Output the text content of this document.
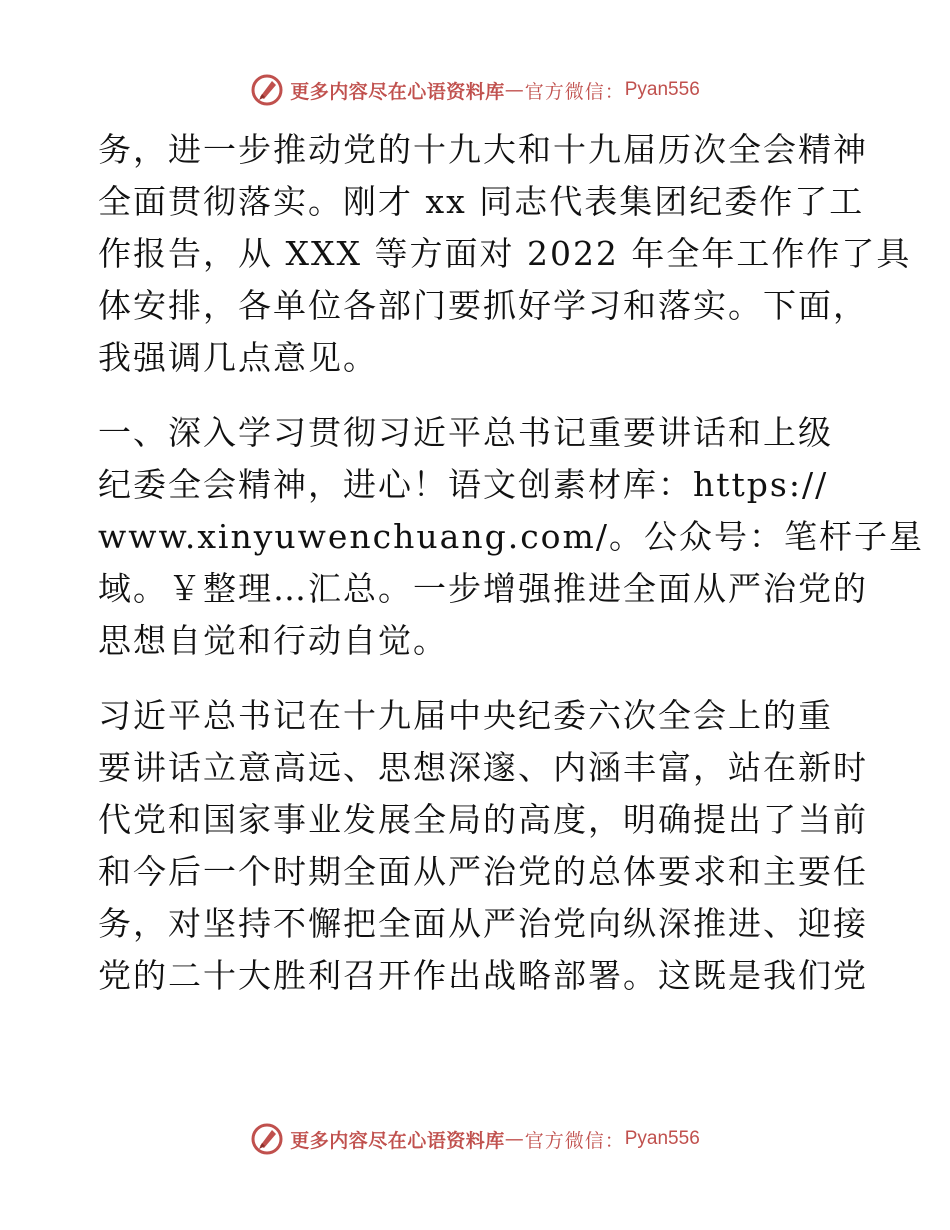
更多内容尽在心语资料库 — 官方微信： Pyan556

务，进一步推动党的十九大和十九届历次全会精神
全面贯彻落实。刚才 xx 同志代表集团纪委作了工
作报告，从 XXX 等方面对 2022 年全年工作作了具
体安排，各单位各部门要抓好学习和落实。下面，
我强调几点意见。

一、深入学习贯彻习近平总书记重要讲话和上级
纪委全会精神，进心！语文创素材库：https://
www.xinyuwenchuang.com/。公众号：笔杆子星
域。￥整理…汇总。一步增强推进全面从严治党的
思想自觉和行动自觉。

习近平总书记在十九届中央纪委六次全会上的重
要讲话立意高远、思想深邃、内涵丰富，站在新时
代党和国家事业发展全局的高度，明确提出了当前
和今后一个时期全面从严治党的总体要求和主要任
务，对坚持不懈把全面从严治党向纵深推进、迎接
党的二十大胜利召开作出战略部署。这既是我们党

更多内容尽在心语资料库 — 官方微信： Pyan556
